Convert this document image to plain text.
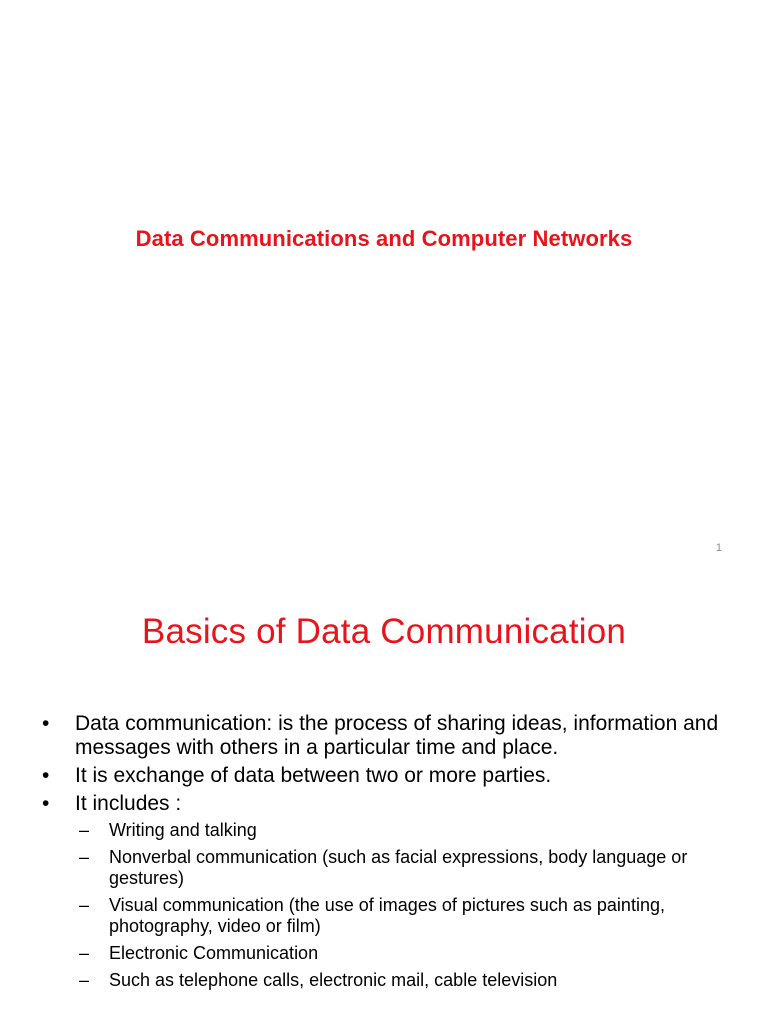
Data Communications and Computer Networks
1
Basics of Data Communication
• Data communication: is the process of sharing ideas, information and messages with others in a particular time and place.
• It is exchange of data between two or more parties.
• It includes :
– Writing and talking
– Nonverbal communication (such as facial expressions, body language or gestures)
– Visual communication (the use of images of pictures such as painting, photography, video or film)
– Electronic Communication
– Such as telephone calls, electronic mail, cable television
